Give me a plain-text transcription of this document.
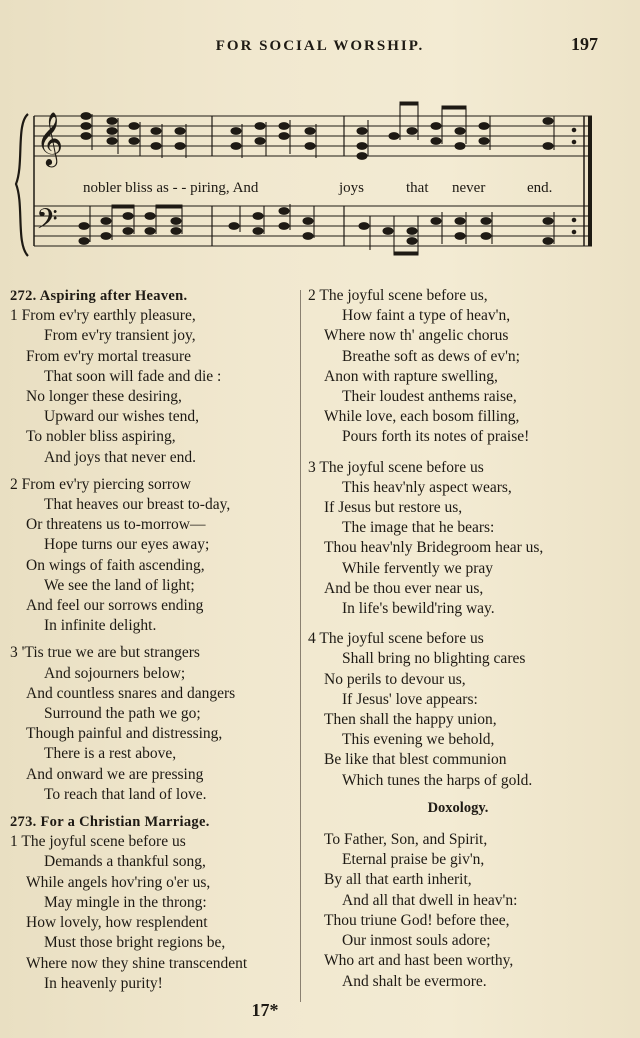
FOR SOCIAL WORSHIP.	197
𝄞
𝄢
nobler bliss as - - piring, And	joys	that never	end.
272. Aspiring after Heaven.
1 From ev'ry earthly pleasure,
From ev'ry transient joy,
From ev'ry mortal treasure
That soon will fade and die :
No longer these desiring,
Upward our wishes tend,
To nobler bliss aspiring,
And joys that never end.
2 From ev'ry piercing sorrow
That heaves our breast to-day,
Or threatens us to-morrow—
Hope turns our eyes away;
On wings of faith ascending,
We see the land of light;
And feel our sorrows ending
In infinite delight.
3 'Tis true we are but strangers
And sojourners below;
And countless snares and dangers
Surround the path we go;
Though painful and distressing,
There is a rest above,
And onward we are pressing
To reach that land of love.
273. For a Christian Marriage.
1 The joyful scene before us
Demands a thankful song,
While angels hov'ring o'er us,
May mingle in the throng:
How lovely, how resplendent
Must those bright regions be,
Where now they shine transcendent
In heavenly purity!
2 The joyful scene before us,
How faint a type of heav'n,
Where now th' angelic chorus
Breathe soft as dews of ev'n;
Anon with rapture swelling,
Their loudest anthems raise,
While love, each bosom filling,
Pours forth its notes of praise!
3 The joyful scene before us
This heav'nly aspect wears,
If Jesus but restore us,
The image that he bears:
Thou heav'nly Bridegroom hear us,
While fervently we pray
And be thou ever near us,
In life's bewild'ring way.
4 The joyful scene before us
Shall bring no blighting cares
No perils to devour us,
If Jesus' love appears:
Then shall the happy union,
This evening we behold,
Be like that blest communion
Which tunes the harps of gold.
Doxology.
To Father, Son, and Spirit,
Eternal praise be giv'n,
By all that earth inherit,
And all that dwell in heav'n:
Thou triune God! before thee,
Our inmost souls adore;
Who art and hast been worthy,
And shalt be evermore.
17*
